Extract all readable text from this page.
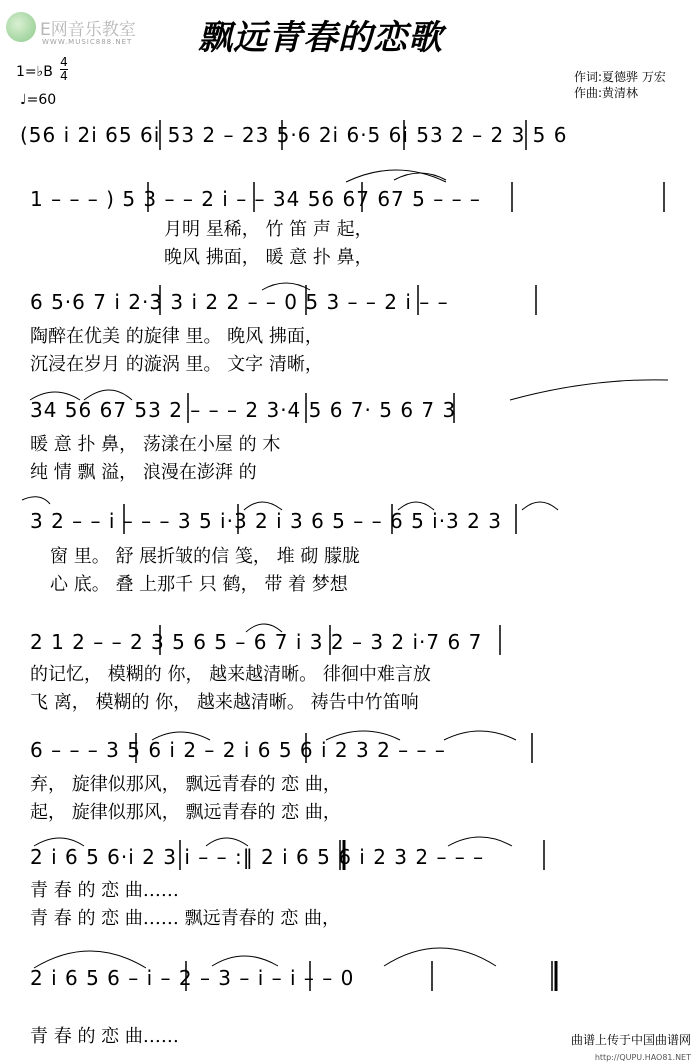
E网音乐教室
WWW.MUSIC888.NET 飘远青春的恋歌
1=♭B
4
4
♩=60
作词:夏德骅 万宏
作曲:黄清林
(56 i 2i 65 6i 53 2 – 23 5·6 2i 6·5 6i 53 2 – 2 3 5 6
1 – – – ) 5 3 – – 2 i – – 34 56 67 67 5 – – –
月明 星稀， 竹 笛 声 起，
晚风 拂面， 暖 意 扑 鼻，
6 5·6 7 i 2·3 3 i 2 2 – – 0 5 3 – – 2 i – –
陶醉在优美 的旋律 里。 晚风 拂面，
沉浸在岁月 的漩涡 里。 文字 清晰，
34 56 67 53 2 – – – 2 3·4 5 6 7· 5 6 7 3
暖 意 扑 鼻， 荡漾在小屋 的 木
纯 情 飘 溢， 浪漫在澎湃 的
3 2 – – i – – – 3 5 i·3 2 i 3 6 5 – – 6 5 i·3 2 3
窗 里。 舒 展折皱的信 笺， 堆 砌 朦胧
心 底。 叠 上那千 只 鹤， 带 着 梦想
2 1 2 – – 2 3 5 6 5 – 6 7 i 3 2 – 3 2 i·7 6 7
的记忆， 模糊的 你， 越来越清晰。 徘徊中难言放
飞 离， 模糊的 你， 越来越清晰。 祷告中竹笛响
6 – – – 3 5 6 i 2 – 2 i 6 5 6 i 2 3 2 – – –
弃， 旋律似那风， 飘远青春的 恋 曲，
起， 旋律似那风， 飘远青春的 恋 曲，
2 i 6 5 6·i 2 3 i – – :‖ 2 i 6 5 6 i 2 3 2 – – –
青 春 的 恋 曲……
青 春 的 恋 曲…… 飘远青春的 恋 曲，
2 i 6 5 6 – i – 2 – 3 – i – i – – 0
青 春 的 恋 曲……	曲谱上传于中国曲谱网
http://QUPU.HAO81.NET
